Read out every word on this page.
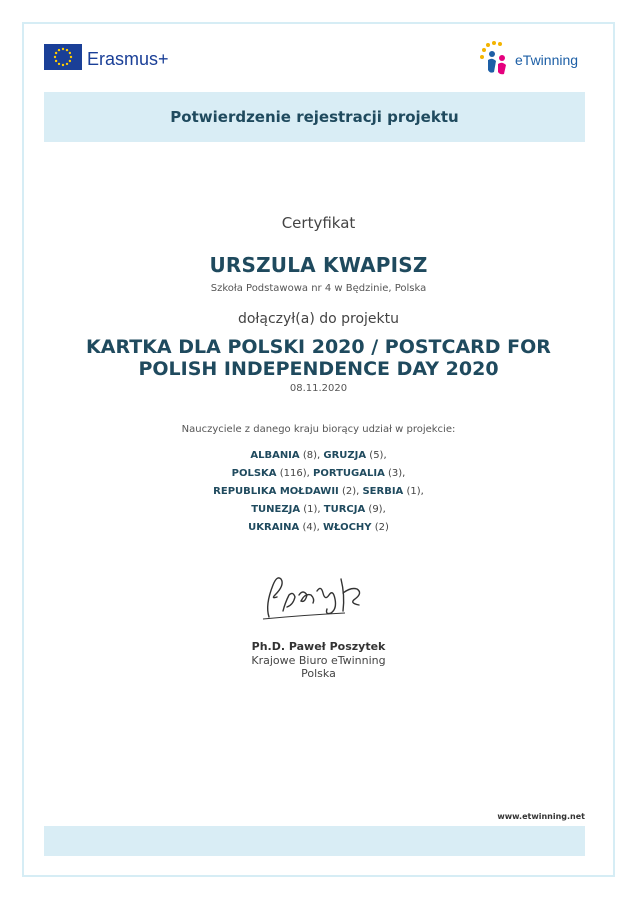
Erasmus+	eTwinning
Potwierdzenie rejestracji projektu
Certyfikat
URSZULA KWAPISZ
Szkoła Podstawowa nr 4 w Będzinie, Polska
dołączył(a) do projektu
KARTKA DLA POLSKI 2020 / POSTCARD FOR
POLISH INDEPENDENCE DAY 2020
08.11.2020
Nauczyciele z danego kraju biorący udział w projekcie:
ALBANIA (8), GRUZJA (5),
POLSKA (116), PORTUGALIA (3),
REPUBLIKA MOŁDAWII (2), SERBIA (1),
TUNEZJA (1), TURCJA (9),
UKRAINA (4), WŁOCHY (2)
Ph.D. Paweł Poszytek
Krajowe Biuro eTwinning
Polska
www.etwinning.net
